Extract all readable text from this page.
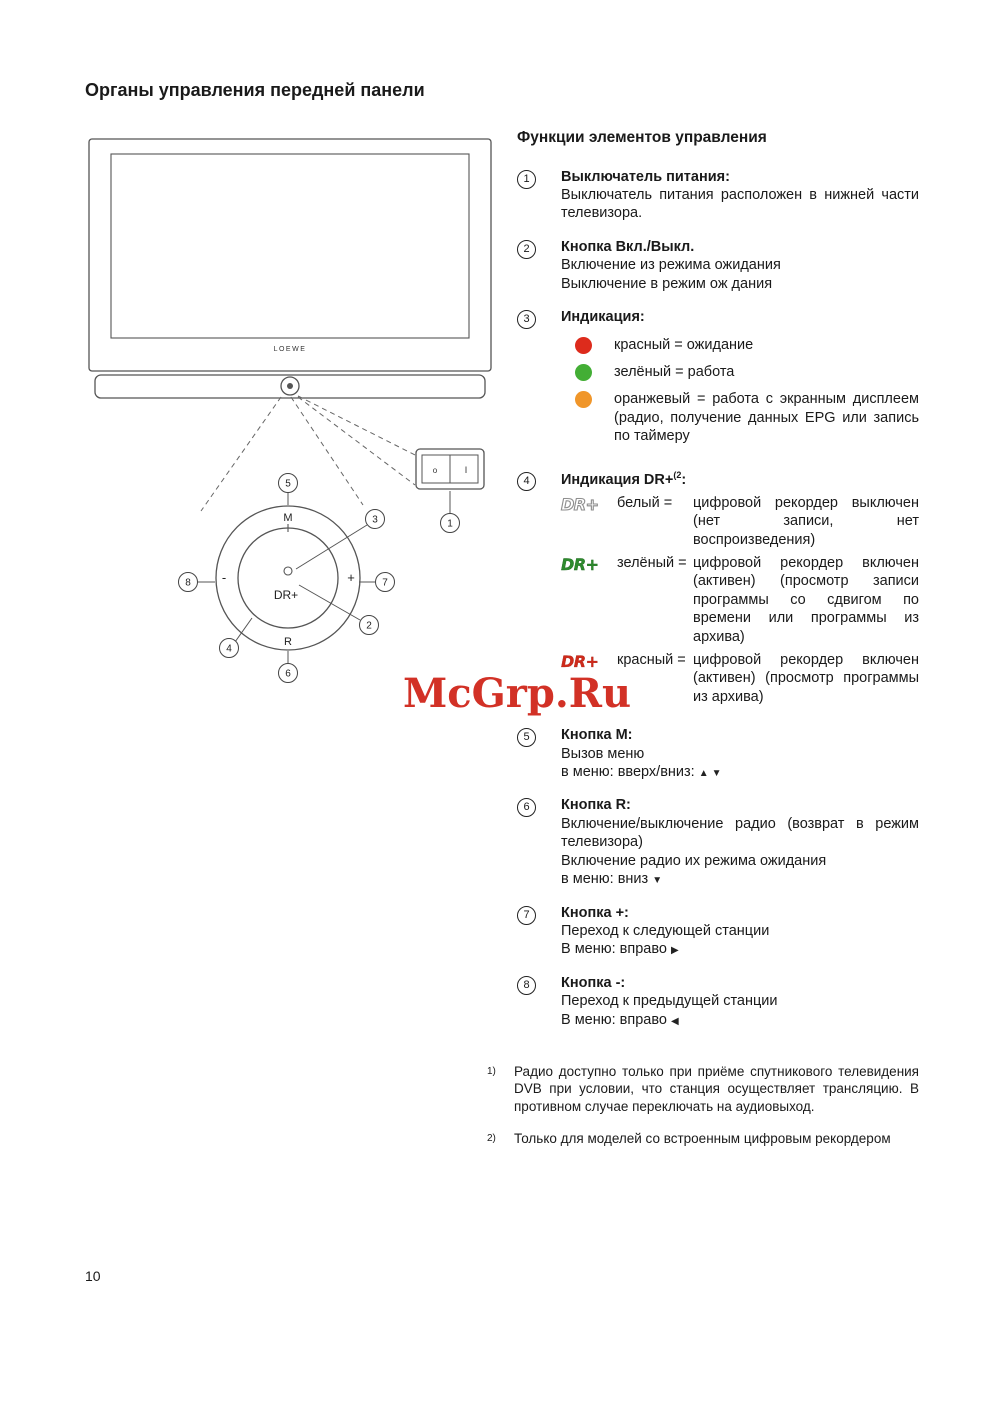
Органы управления передней панели
LOEWE
M
R
-	+
DR+
о	I
5
3
7
2
8
4
6
1
Функции элементов управления
1	Выключатель питания:
Выключатель питания расположен в нижней части телевизора.
2	Кнопка Вкл./Выкл.
Включение из режима ожидания
Выключение в режим ож дания
3	Индикация:
красный = ожидание
зелёный = работа
оранжевый = работа с экранным дисплеем (радио, получение данных EPG или запись по таймеру
4	Индикация DR+$^{(2}$:
DR+	белый =	цифровой рекордер выключен (нет записи, нет воспроизведения)
DR+	зелёный = цифровой рекордер включен (активен) (просмотр записи программы со сдвигом по времени или программы из архива)
DR+	красный = цифровой рекордер включен (активен) (просмотр программы из архива)
5	Кнопка M:
Вызов меню
в меню: вверх/вниз: ▲▼
6	Кнопка R:
Включение/выключение радио (возврат в режим телевизора)
Включение радио их режима ожидания
в меню: вниз ▼
7	Кнопка +:
Переход к следующей станции
В меню: вправо ▶
8	Кнопка -:
Переход к предыдущей станции
В меню: вправо ◀
1)	Радио доступно только при приёме спутникового телевидения DVB при условии, что станция осуществляет трансляцию. В противном случае переключать на аудиовыход.
2)	Только для моделей со встроенным цифровым рекордером
McGrp.Ru
10
